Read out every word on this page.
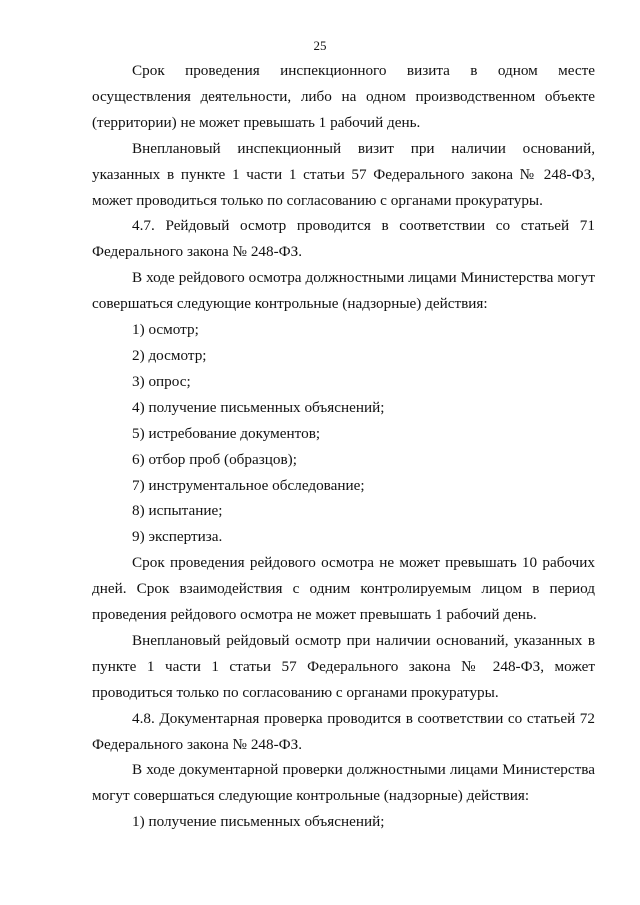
25

Срок проведения инспекционного визита в одном месте осуществления деятельности, либо на одном производственном объекте (территории) не может превышать 1 рабочий день.

Внеплановый инспекционный визит при наличии оснований, указанных в пункте 1 части 1 статьи 57 Федерального закона № 248-ФЗ, может проводиться только по согласованию с органами прокуратуры.

4.7. Рейдовый осмотр проводится в соответствии со статьей 71 Федерального закона № 248-ФЗ.

В ходе рейдового осмотра должностными лицами Министерства могут совершаться следующие контрольные (надзорные) действия:

1) осмотр;

2) досмотр;

3) опрос;

4) получение письменных объяснений;

5) истребование документов;

6) отбор проб (образцов);

7) инструментальное обследование;

8) испытание;

9) экспертиза.

Срок проведения рейдового осмотра не может превышать 10 рабочих дней. Срок взаимодействия с одним контролируемым лицом в период проведения рейдового осмотра не может превышать 1 рабочий день.

Внеплановый рейдовый осмотр при наличии оснований, указанных в пункте 1 части 1 статьи 57 Федерального закона № 248-ФЗ, может проводиться только по согласованию с органами прокуратуры.

4.8. Документарная проверка проводится в соответствии со статьей 72 Федерального закона № 248-ФЗ.

В ходе документарной проверки должностными лицами Министерства могут совершаться следующие контрольные (надзорные) действия:

1) получение письменных объяснений;
